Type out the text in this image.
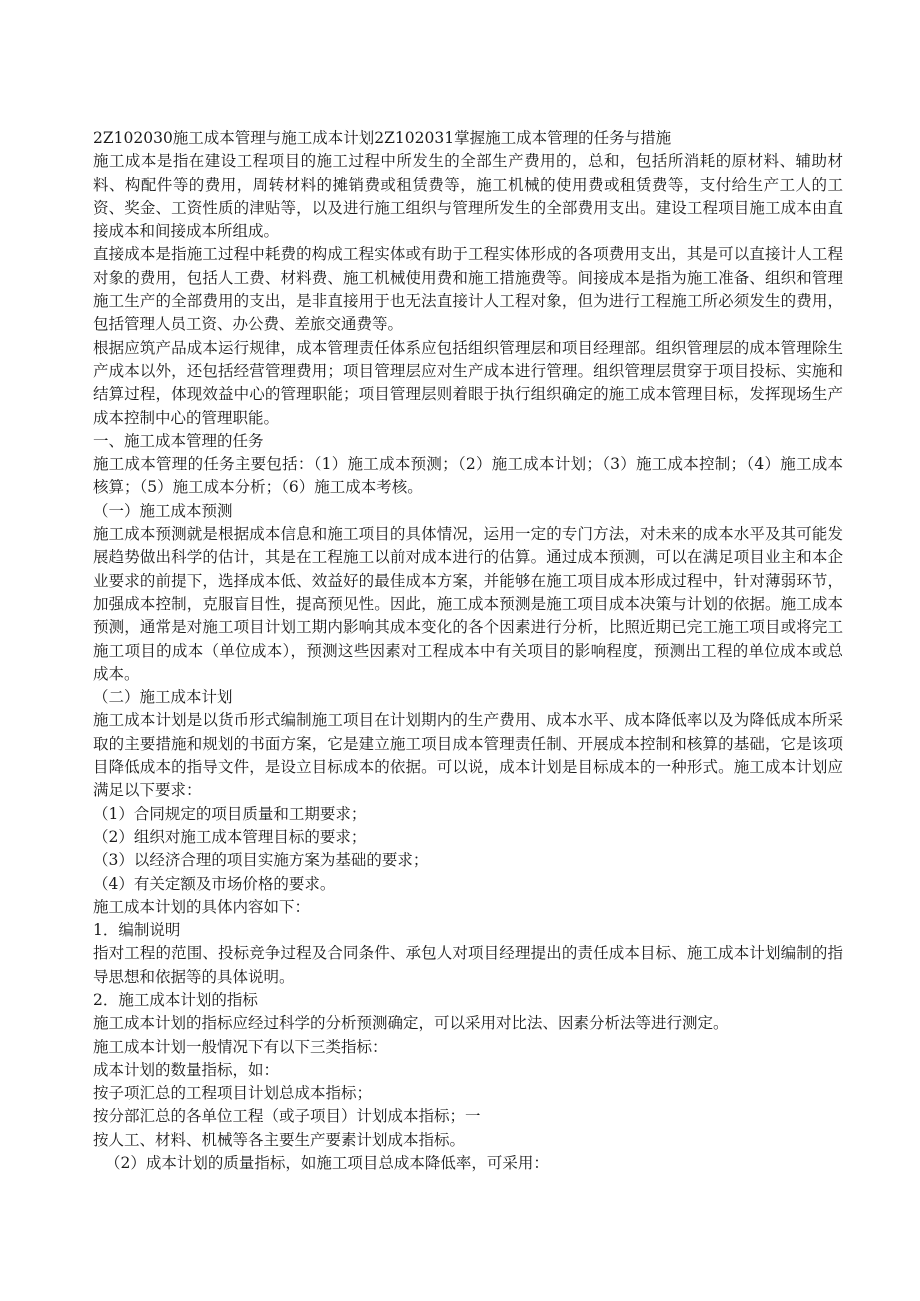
2Z102030施工成本管理与施工成本计划2Z102031掌握施工成本管理的任务与措施

施工成本是指在建设工程项目的施工过程中所发生的全部生产费用的，总和，包括所消耗的原材料、辅助材料、构配件等的费用，周转材料的摊销费或租赁费等，施工机械的使用费或租赁费等，支付给生产工人的工资、奖金、工资性质的津贴等，以及进行施工组织与管理所发生的全部费用支出。建设工程项目施工成本由直接成本和间接成本所组成。

直接成本是指施工过程中耗费的构成工程实体或有助于工程实体形成的各项费用支出，其是可以直接计人工程对象的费用，包括人工费、材料费、施工机械使用费和施工措施费等。间接成本是指为施工准备、组织和管理施工生产的全部费用的支出，是非直接用于也无法直接计人工程对象，但为进行工程施工所必须发生的费用，包括管理人员工资、办公费、差旅交通费等。

根据应筑产品成本运行规律，成本管理责任体系应包括组织管理层和项目经理部。组织管理层的成本管理除生产成本以外，还包括经营管理费用；项目管理层应对生产成本进行管理。组织管理层贯穿于项目投标、实施和结算过程，体现效益中心的管理职能；项目管理层则着眼于执行组织确定的施工成本管理目标，发挥现场生产成本控制中心的管理职能。

一、施工成本管理的任务

施工成本管理的任务主要包括：（1）施工成本预测；（2）施工成本计划；（3）施工成本控制；（4）施工成本核算；（5）施工成本分析；（6）施工成本考核。

（一）施工成本预测

施工成本预测就是根据成本信息和施工项目的具体情况，运用一定的专门方法，对未来的成本水平及其可能发展趋势做出科学的估计，其是在工程施工以前对成本进行的估算。通过成本预测，可以在满足项目业主和本企业要求的前提下，选择成本低、效益好的最佳成本方案，并能够在施工项目成本形成过程中，针对薄弱环节，加强成本控制，克服盲目性，提高预见性。因此，施工成本预测是施工项目成本决策与计划的依据。施工成本预测，通常是对施工项目计划工期内影响其成本变化的各个因素进行分析，比照近期已完工施工项目或将完工施工项目的成本（单位成本），预测这些因素对工程成本中有关项目的影响程度，预测出工程的单位成本或总成本。

（二）施工成本计划

施工成本计划是以货币形式编制施工项目在计划期内的生产费用、成本水平、成本降低率以及为降低成本所采取的主要措施和规划的书面方案，它是建立施工项目成本管理责任制、开展成本控制和核算的基础，它是该项目降低成本的指导文件，是设立目标成本的依据。可以说，成本计划是目标成本的一种形式。施工成本计划应满足以下要求：

（1）合同规定的项目质量和工期要求；

（2）组织对施工成本管理目标的要求；

（3）以经济合理的项目实施方案为基础的要求；

（4）有关定额及市场价格的要求。

施工成本计划的具体内容如下：

1．编制说明

指对工程的范围、投标竞争过程及合同条件、承包人对项目经理提出的责任成本目标、施工成本计划编制的指导思想和依据等的具体说明。

2．施工成本计划的指标

施工成本计划的指标应经过科学的分析预测确定，可以采用对比法、因素分析法等进行测定。

施工成本计划一般情况下有以下三类指标：

成本计划的数量指标，如：

按子项汇总的工程项目计划总成本指标；

按分部汇总的各单位工程（或子项目）计划成本指标；一

按人工、材料、机械等各主要生产要素计划成本指标。

（2）成本计划的质量指标，如施工项目总成本降低率，可采用：
